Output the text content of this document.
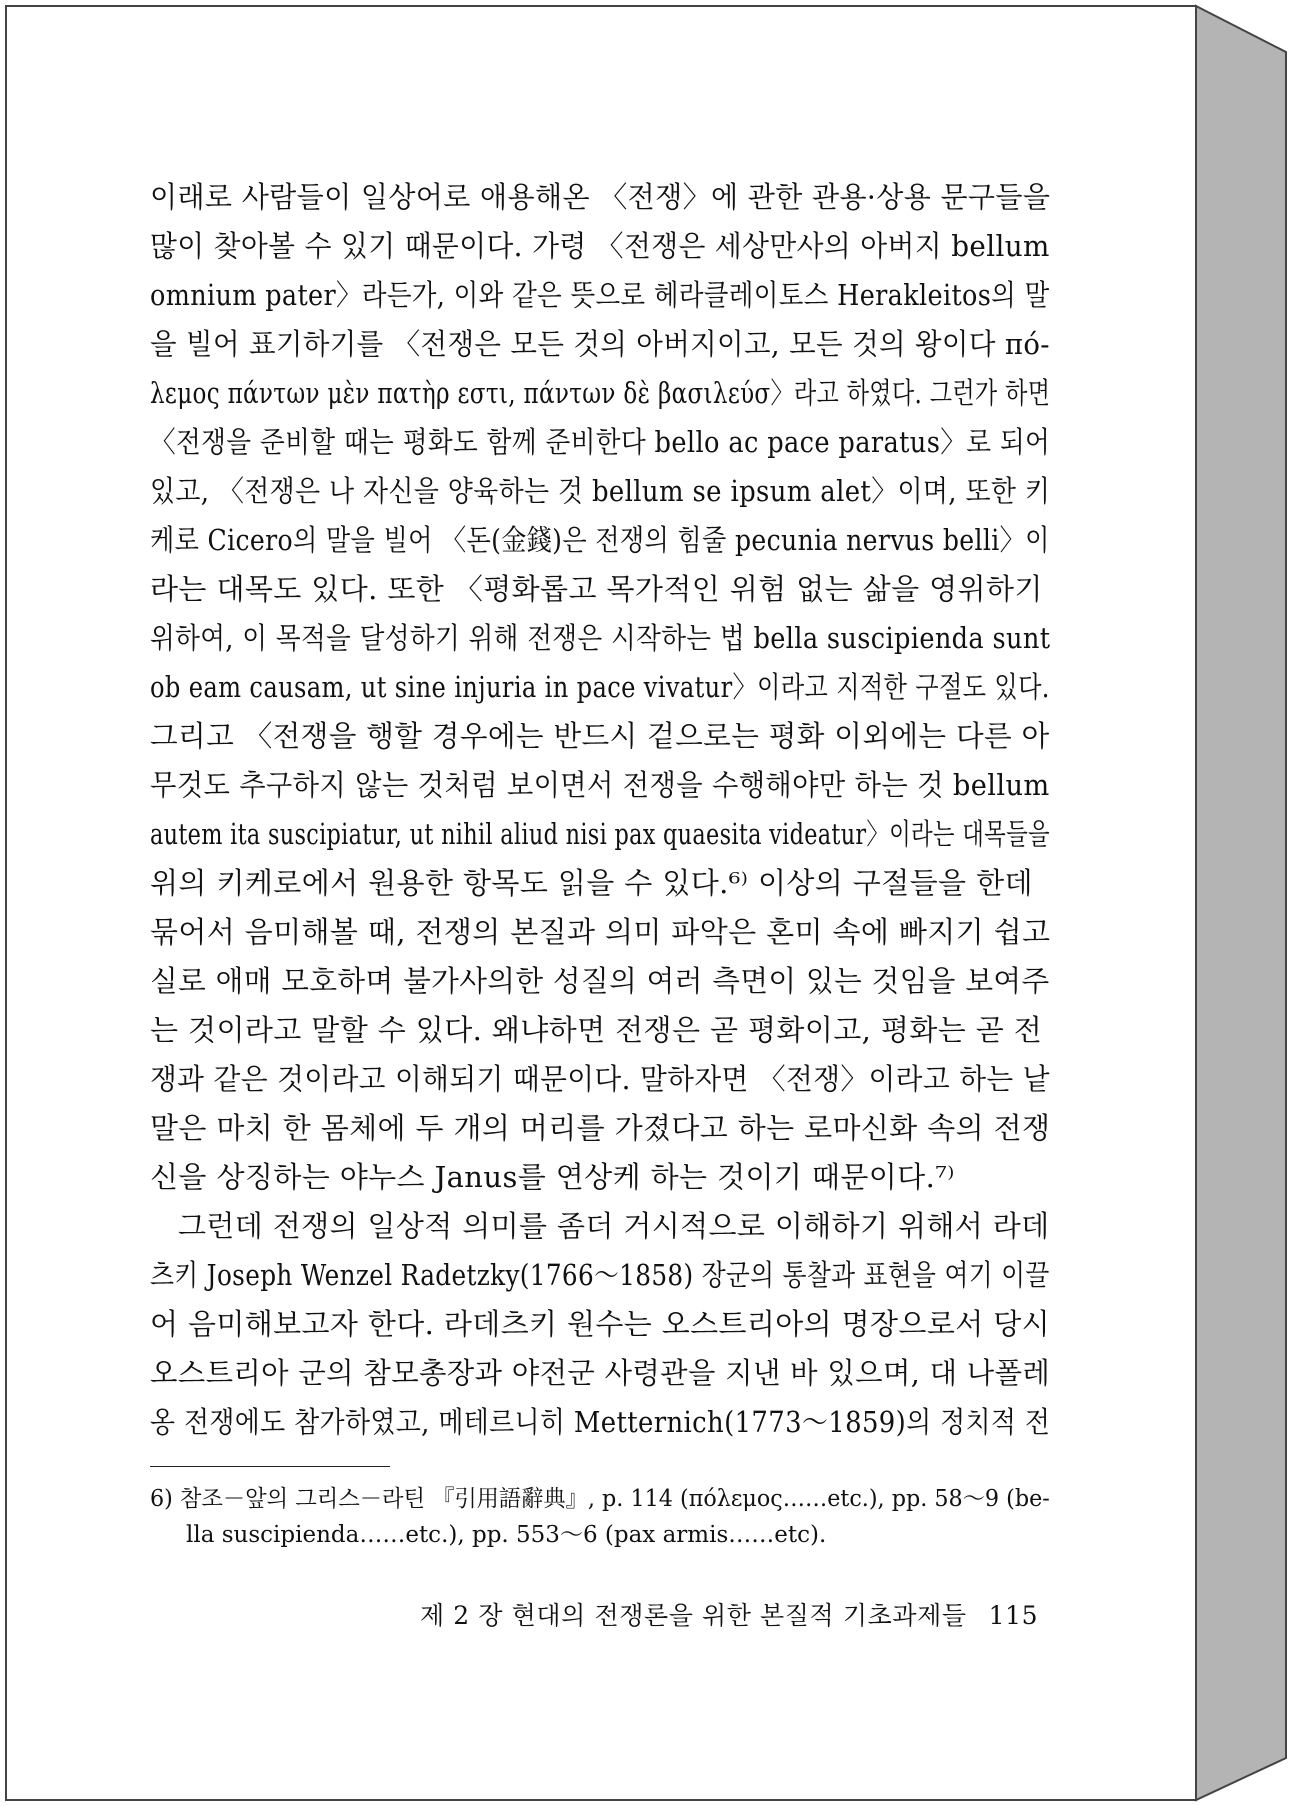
이래로 사람들이 일상어로 애용해온 〈전쟁〉에 관한 관용·상용 문구들을
많이 찾아볼 수 있기 때문이다. 가령 〈전쟁은 세상만사의 아버지 bellum
omnium pater〉라든가, 이와 같은 뜻으로 헤라클레이토스 Herakleitos의 말
을 빌어 표기하기를 〈전쟁은 모든 것의 아버지이고, 모든 것의 왕이다 πό-
λεμος πάντων μὲν πατὴρ εστι, πάντων δὲ βασιλεύσ〉라고 하였다. 그런가 하면
〈전쟁을 준비할 때는 평화도 함께 준비한다 bello ac pace paratus〉로 되어
있고, 〈전쟁은 나 자신을 양육하는 것 bellum se ipsum alet〉이며, 또한 키
케로 Cicero의 말을 빌어 〈돈(金錢)은 전쟁의 힘줄 pecunia nervus belli〉이
라는 대목도 있다. 또한 〈평화롭고 목가적인 위험 없는 삶을 영위하기
위하여, 이 목적을 달성하기 위해 전쟁은 시작하는 법 bella suscipienda sunt
ob eam causam, ut sine injuria in pace vivatur〉이라고 지적한 구절도 있다.
그리고 〈전쟁을 행할 경우에는 반드시 겉으로는 평화 이외에는 다른 아
무것도 추구하지 않는 것처럼 보이면서 전쟁을 수행해야만 하는 것 bellum
autem ita suscipiatur, ut nihil aliud nisi pax quaesita videatur〉이라는 대목들을
위의 키케로에서 원용한 항목도 읽을 수 있다.⁶⁾ 이상의 구절들을 한데
묶어서 음미해볼 때, 전쟁의 본질과 의미 파악은 혼미 속에 빠지기 쉽고
실로 애매 모호하며 불가사의한 성질의 여러 측면이 있는 것임을 보여주
는 것이라고 말할 수 있다. 왜냐하면 전쟁은 곧 평화이고, 평화는 곧 전
쟁과 같은 것이라고 이해되기 때문이다. 말하자면 〈전쟁〉이라고 하는 낱
말은 마치 한 몸체에 두 개의 머리를 가졌다고 하는 로마신화 속의 전쟁
신을 상징하는 야누스 Janus를 연상케 하는 것이기 때문이다.⁷⁾
그런데 전쟁의 일상적 의미를 좀더 거시적으로 이해하기 위해서 라데
츠키 Joseph Wenzel Radetzky(1766～1858) 장군의 통찰과 표현을 여기 이끌
어 음미해보고자 한다. 라데츠키 원수는 오스트리아의 명장으로서 당시
오스트리아 군의 참모총장과 야전군 사령관을 지낸 바 있으며, 대 나폴레
옹 전쟁에도 참가하였고, 메테르니히 Metternich(1773～1859)의 정치적 전
6) 참조－앞의 그리스－라틴 『引用語辭典』, p. 114 (πόλεμος……etc.), pp. 58～9 (be-
lla suscipienda……etc.), pp. 553～6 (pax armis……etc).
제 2 장 현대의 전쟁론을 위한 본질적 기초과제들 115
